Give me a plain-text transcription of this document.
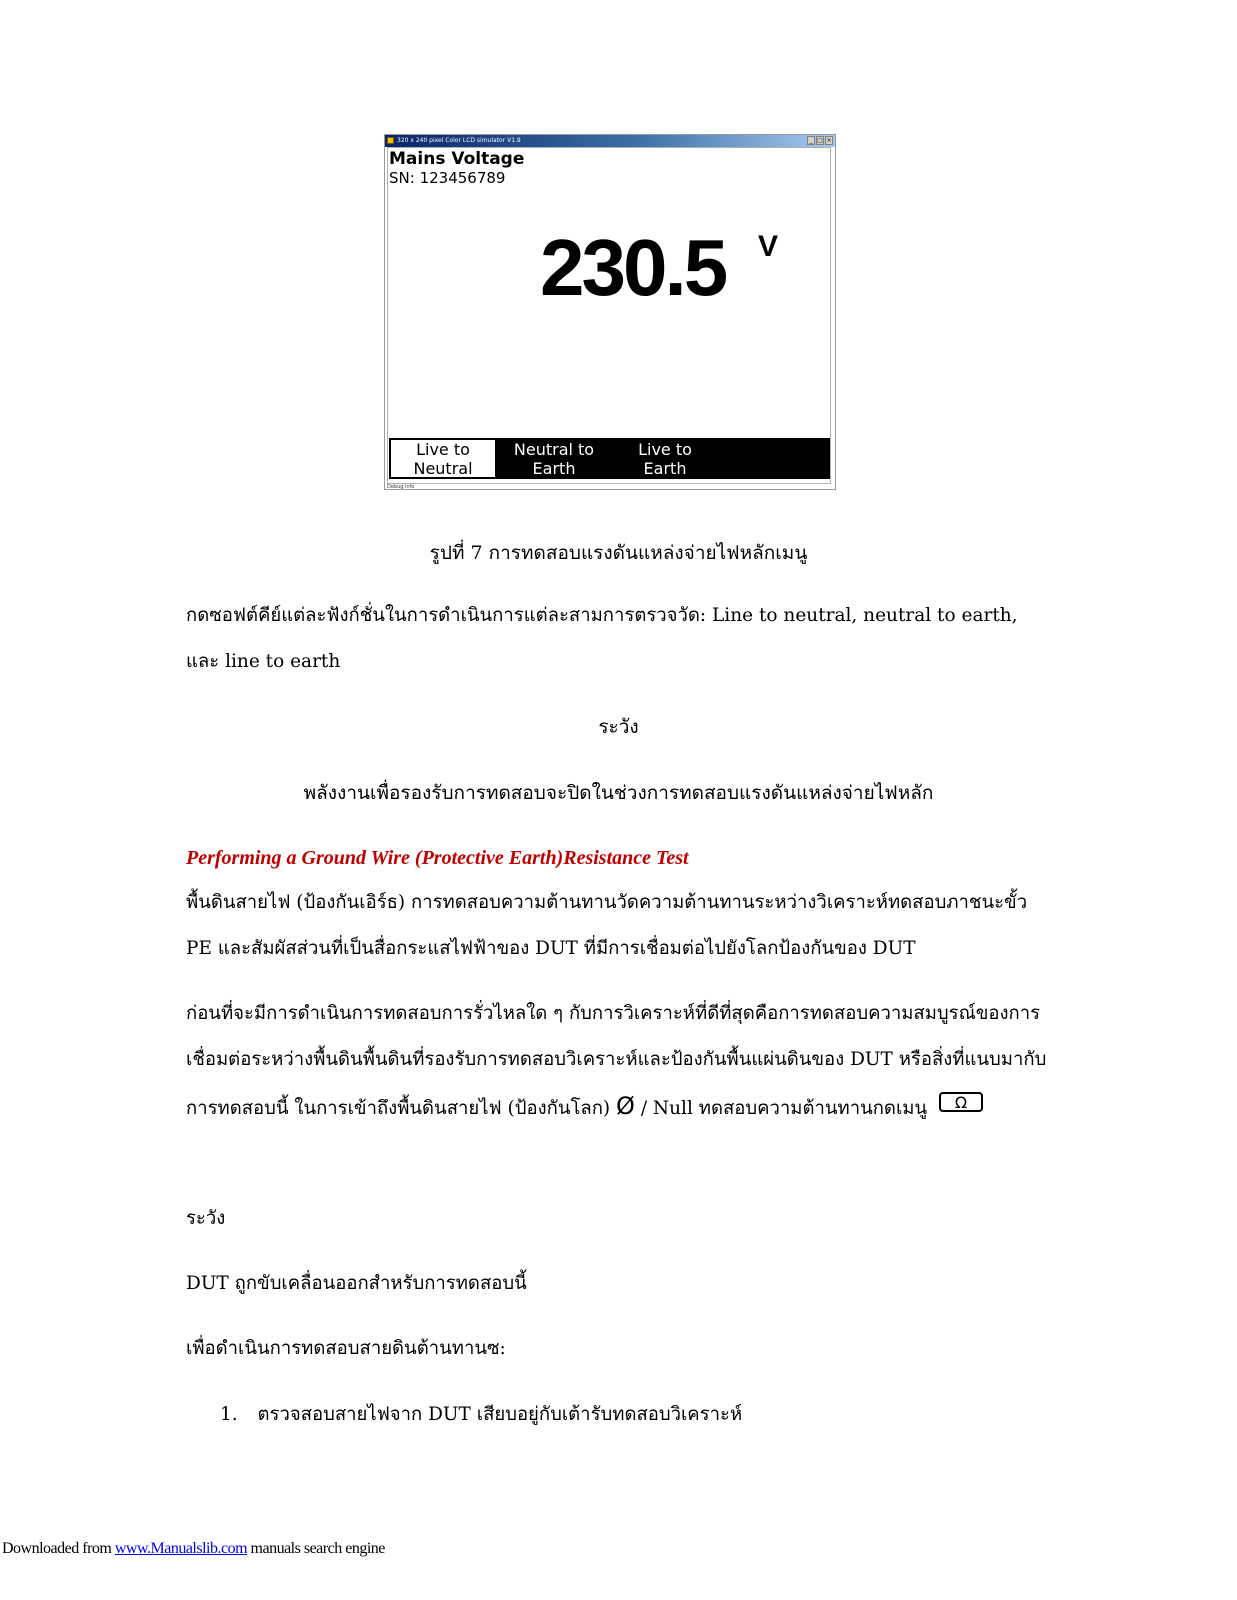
320 x 240 pixel Color LCD simulator V1.9	_ □ ×
Mains Voltage
SN: 123456789
230.5 V
Live to
Neutral
Neutral to
Earth
Live to
Earth
Debug Info
รูปที่ 7 การทดสอบแรงดันแหล่งจ่ายไฟหลักเมนู
กดซอฟต์คีย์แต่ละฟังก์ชั่นในการดำเนินการแต่ละสามการตรวจวัด: Line to neutral, neutral to earth, และ line to earth
ระวัง
พลังงานเพื่อรองรับการทดสอบจะปิดในช่วงการทดสอบแรงดันแหล่งจ่ายไฟหลัก
Performing a Ground Wire (Protective Earth)Resistance Test
พื้นดินสายไฟ (ป้องกันเอิร์ธ) การทดสอบความต้านทานวัดความต้านทานระหว่างวิเคราะห์ทดสอบภาชนะขั้ว PE และสัมผัสส่วนที่เป็นสื่อกระแสไฟฟ้าของ DUT ที่มีการเชื่อมต่อไปยังโลกป้องกันของ DUT
ก่อนที่จะมีการดำเนินการทดสอบการรั่วไหลใด ๆ กับการวิเคราะห์ที่ดีที่สุดคือการทดสอบความสมบูรณ์ของการเชื่อมต่อระหว่างพื้นดินพื้นดินที่รองรับการทดสอบวิเคราะห์และป้องกันพื้นแผ่นดินของ DUT หรือสิ่งที่แนบมากับการทดสอบนี้ ในการเข้าถึงพื้นดินสายไฟ (ป้องกันโลก) Ø / Null ทดสอบความต้านทานกดเมนู Ω
ระวัง
DUT ถูกขับเคลื่อนออกสำหรับการทดสอบนี้
เพื่อดำเนินการทดสอบสายดินต้านทานซ:
1. ตรวจสอบสายไฟจาก DUT เสียบอยู่กับเต้ารับทดสอบวิเคราะห์
Downloaded from www.Manualslib.com manuals search engine
